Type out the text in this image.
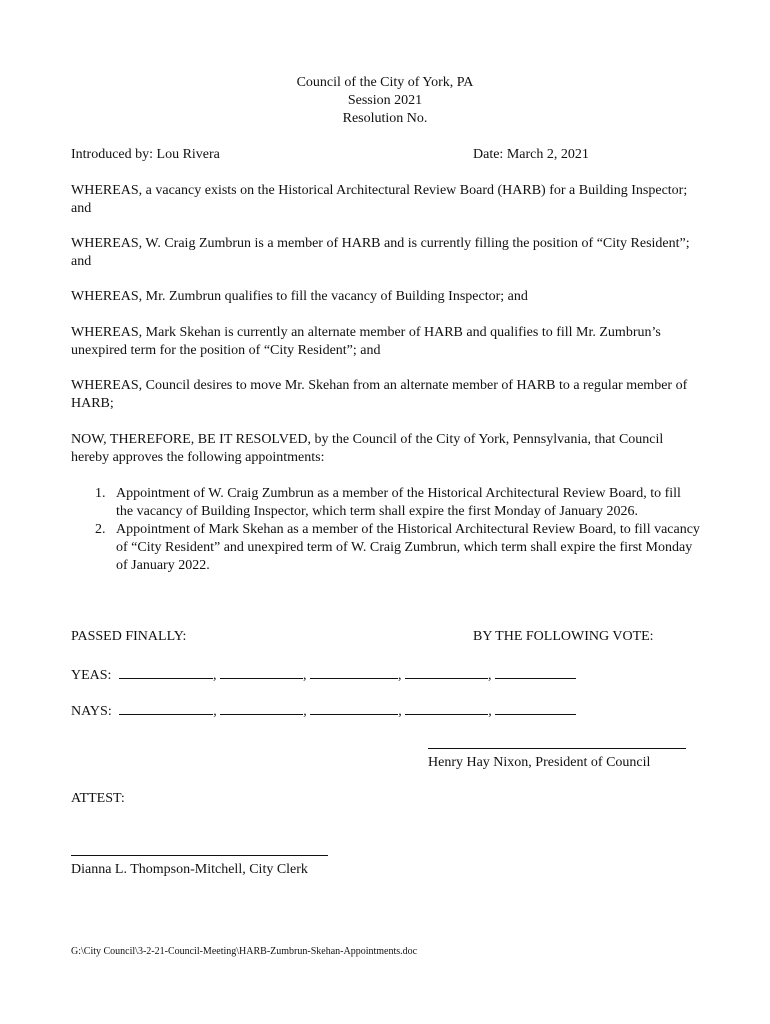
Council of the City of York, PA
Session 2021
Resolution No.
Introduced by: Lou Rivera	Date: March 2, 2021
WHEREAS, a vacancy exists on the Historical Architectural Review Board (HARB) for a Building Inspector; and
WHEREAS, W. Craig Zumbrun is a member of HARB and is currently filling the position of “City Resident”; and
WHEREAS, Mr. Zumbrun qualifies to fill the vacancy of Building Inspector; and
WHEREAS, Mark Skehan is currently an alternate member of HARB and qualifies to fill Mr. Zumbrun’s unexpired term for the position of “City Resident”; and
WHEREAS, Council desires to move Mr. Skehan from an alternate member of HARB to a regular member of HARB;
NOW, THEREFORE, BE IT RESOLVED, by the Council of the City of York, Pennsylvania, that Council hereby approves the following appointments:
1. Appointment of W. Craig Zumbrun as a member of the Historical Architectural Review Board, to fill the vacancy of Building Inspector, which term shall expire the first Monday of January 2026.
2. Appointment of Mark Skehan as a member of the Historical Architectural Review Board, to fill vacancy of “City Resident” and unexpired term of W. Craig Zumbrun, which term shall expire the first Monday of January 2022.
PASSED FINALLY:	BY THE FOLLOWING VOTE:
YEAS:	,	,	,	,
NAYS:	,	,	,	,
Henry Hay Nixon, President of Council
ATTEST:
Dianna L. Thompson-Mitchell, City Clerk
G:\City Council\3-2-21-Council-Meeting\HARB-Zumbrun-Skehan-Appointments.doc
